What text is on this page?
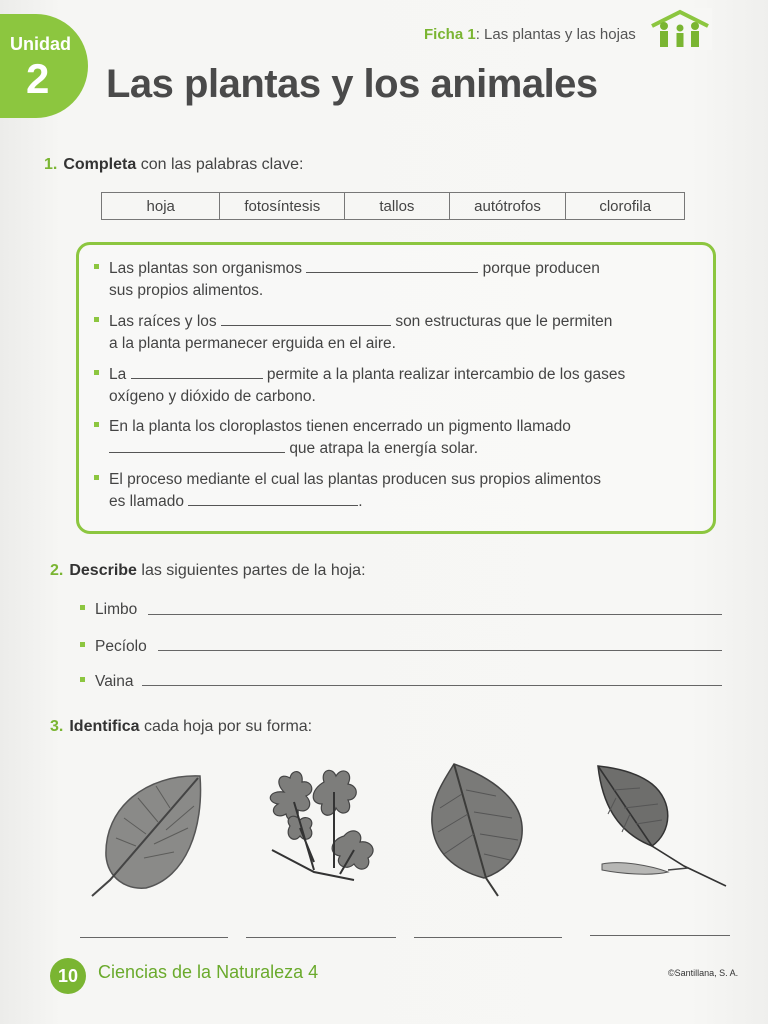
Unidad
2
Ficha 1: Las plantas y las hojas
Las plantas y los animales
1. Completa con las palabras clave:
hoja	fotosíntesis	tallos	autótrofos	clorofila
Las plantas son organismos	porque producen
sus propios alimentos.
Las raíces y los	son estructuras que le permiten
a la planta permanecer erguida en el aire.
La	permite a la planta realizar intercambio de los gases
oxígeno y dióxido de carbono.
En la planta los cloroplastos tienen encerrado un pigmento llamado
que atrapa la energía solar.
El proceso mediante el cual las plantas producen sus propios alimentos
es llamado	.
2. Describe las siguientes partes de la hoja:
Limbo
Pecíolo
Vaina
3. Identifica cada hoja por su forma:
10	Ciencias de la Naturaleza 4	©Santillana, S. A.
